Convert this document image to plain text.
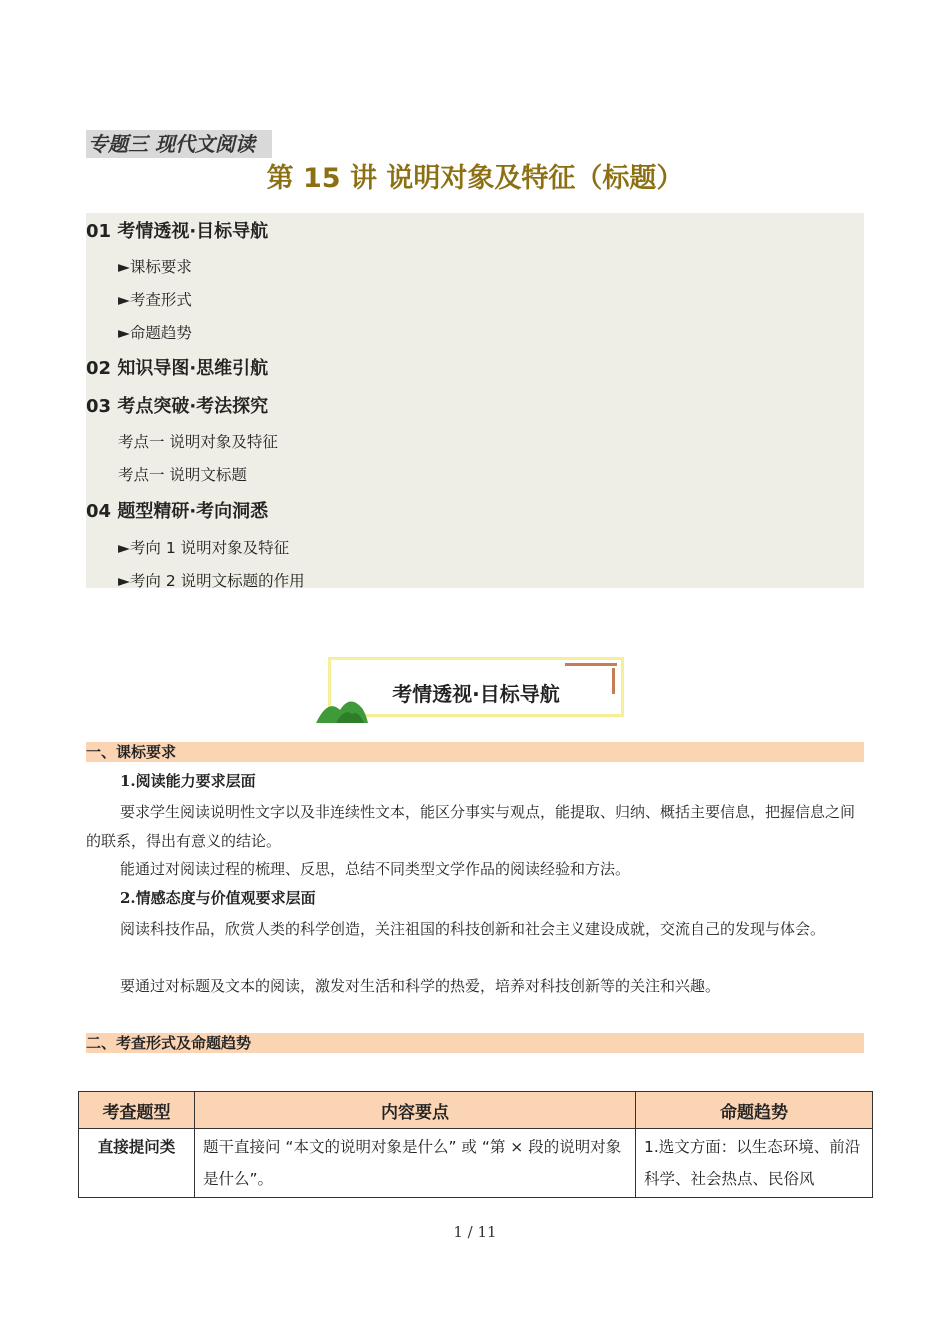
专题三 现代文阅读
第 15 讲 说明对象及特征（标题）
01 考情透视·目标导航
►课标要求
►考查形式
►命题趋势
02 知识导图·思维引航
03 考点突破·考法探究
考点一 说明对象及特征
考点一 说明文标题
04 题型精研·考向洞悉
►考向 1 说明对象及特征
►考向 2 说明文标题的作用
考情透视·目标导航
一、课标要求
1.阅读能力要求层面
要求学生阅读说明性文字以及非连续性文本，能区分事实与观点，能提取、归纳、概括主要信息，把握信息之间的联系，得出有意义的结论。
能通过对阅读过程的梳理、反思，总结不同类型文学作品的阅读经验和方法。
2.情感态度与价值观要求层面
阅读科技作品，欣赏人类的科学创造，关注祖国的科技创新和社会主义建设成就，交流自己的发现与体会。
要通过对标题及文本的阅读，激发对生活和科学的热爱，培养对科技创新等的关注和兴趣。
二、考查形式及命题趋势
考查题型	内容要点	命题趋势
直接提问类	题干直接问 “本文的说明对象是什么” 或 “第 × 段的说明对象是什么”。	1.选文方面：以生态环境、前沿科学、社会热点、民俗风
1 / 11
